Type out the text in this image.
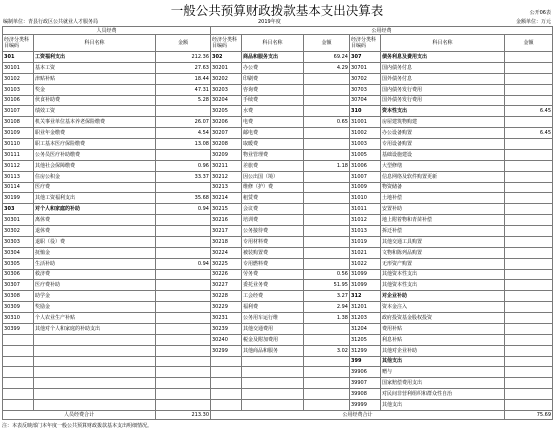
一般公共预算财政拨款基本支出决算表	公开06表
编制单位：青县行政区公共就业人才服务局	2019年度	金额单位：万元
人员经费			公用经费					
经济分类科目编码	科目名称	金额	经济分类科目编码	科目名称	金额	经济分类科目编码	科目名称	金额
301	工资福利支出	212.36	302	商品和服务支出	69.24	307	债务利息及费用支出	
30101	基本工资	27.63	30201	办公费	4.29	30701	国内债务付息	
30102	津贴补贴	18.44	30202	印刷费		30702	国外债务付息	
30103	奖金	47.31	30203	咨询费		30703	国内债务发行费用	
30106	伙食补助费	5.28	30204	手续费		30704	国外债务发行费用	
30107	绩效工资		30205	水费		310	资本性支出	6.45
30108	机关事业单位基本养老保险缴费	26.07	30206	电费	0.65	31001	房屋建筑物购建	
30109	职业年金缴费	4.54	30207	邮电费		31002	办公设备购置	6.45
30110	职工基本医疗保险缴费	13.08	30208	取暖费		31003	专用设备购置	
30111	公务员医疗补助缴费		30209	物业管理费		31005	基础设施建设	
30112	其他社会保障缴费	0.96	30211	差旅费	1.18	31006	大型修缮	
30113	住房公积金	33.37	30212	因公出国（境）		31007	信息网络及软件购置更新	
30114	医疗费		30213	维修（护）费		31009	物资储备	
30199	其他工资福利支出	35.68	30214	租赁费		31010	土地补偿	
303	对个人和家庭的补助	0.94	30215	会议费		31011	安置补助	
30301	离休费		30216	培训费		31012	地上附着物和青苗补偿	
30302	退休费		30217	公务接待费		31013	拆迁补偿	
30303	退职（役）费		30218	专用材料费		31019	其他交通工具购置	
30304	抚恤金		30224	被装购置费		31021	文物和陈列品购置	
30305	生活补助	0.94	30225	专用燃料费		31022	无形资产购置	
30306	救济费		30226	劳务费	0.56	31099	其他资本性支出	
30307	医疗费补助		30227	委托业务费	51.95	31099	其他资本性支出	
30308	助学金		30228	工会经费	3.27	312	对企业补助	
30309	奖励金		30229	福利费	2.94	31201	资本金注入	
30310	个人农业生产补贴		30231	公务用车运行维	1.38	31203	政府投资基金股权投资	
30399	其他对个人和家庭的补助支出		30239	其他交通费用		31204	费用补贴	
			30240	税金及附加费用		31205	利息补贴	
			30299	其他商品和服务	3.02	31299	其他对企业补助	
						399	其他支出	
						39906	赠与	
						39907	国家赔偿费用支出	
						39908	对民间非营利组织和群众性自治	
						39999	其他支出	
人员经费合计		213.30	公用经费合计					75.69
注：本表反映部门本年度一般公共预算财政拨款基本支出明细情况。
